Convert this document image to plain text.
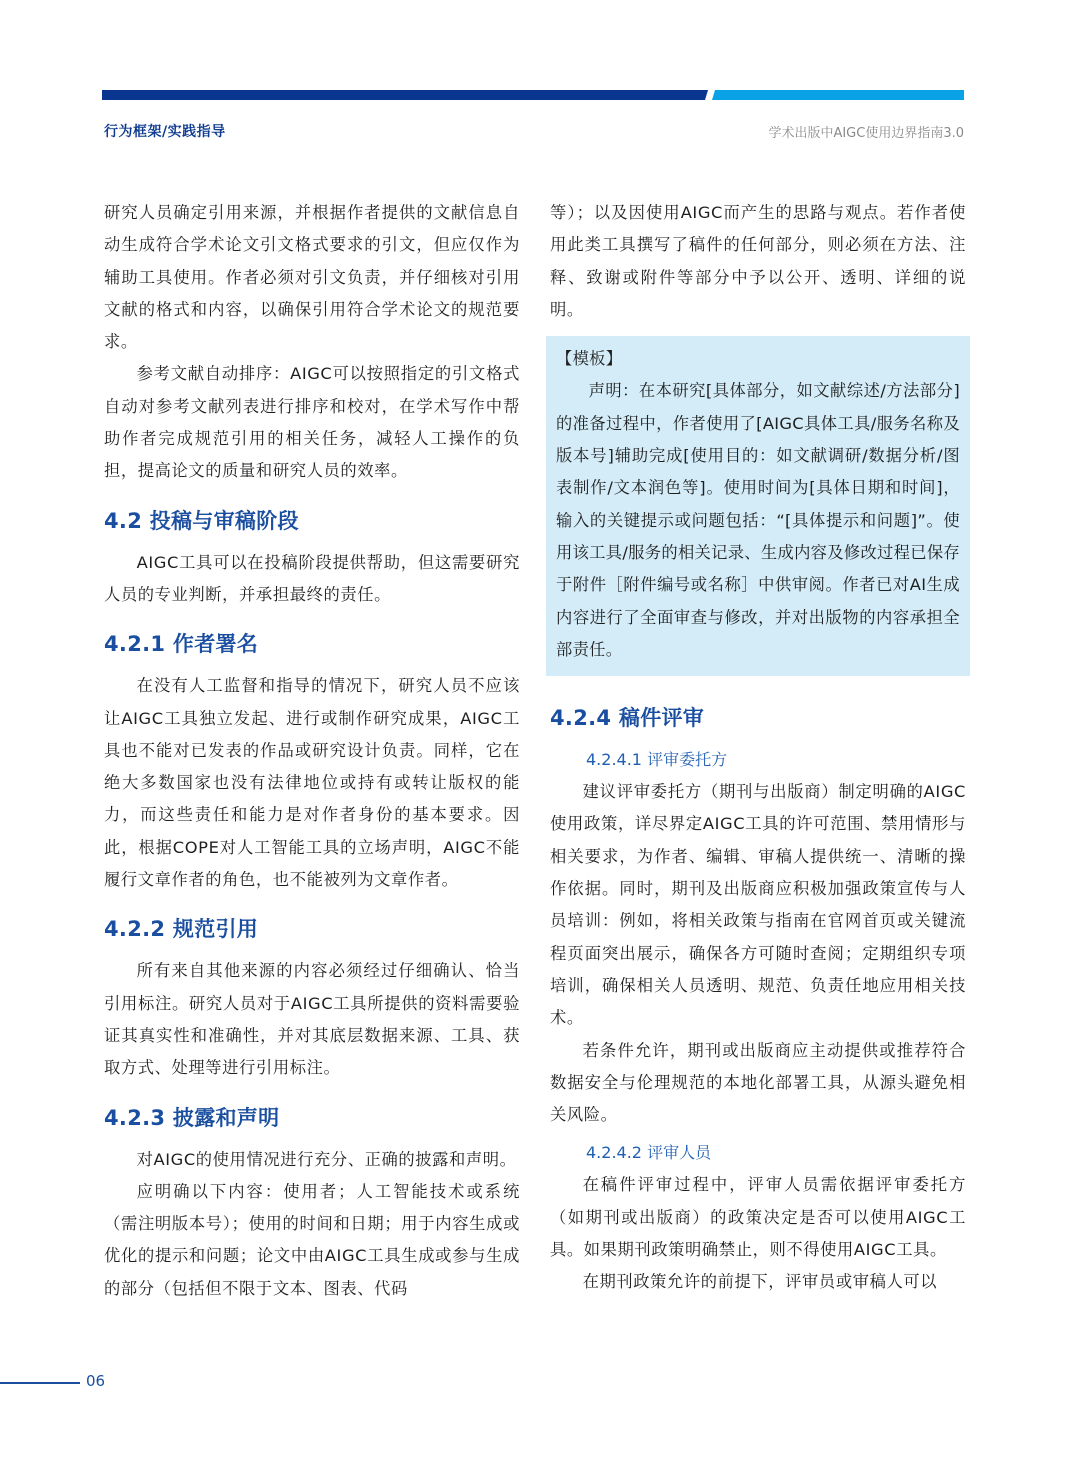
行为框架/实践指导	学术出版中AIGC使用边界指南3.0

研究人员确定引用来源，并根据作者提供的文献信息自动生成符合学术论文引文格式要求的引文，但应仅作为辅助工具使用。作者必须对引文负责，并仔细核对引用文献的格式和内容，以确保引用符合学术论文的规范要求。

参考文献自动排序：AIGC可以按照指定的引文格式自动对参考文献列表进行排序和校对，在学术写作中帮助作者完成规范引用的相关任务，减轻人工操作的负担，提高论文的质量和研究人员的效率。

4.2 投稿与审稿阶段

AIGC工具可以在投稿阶段提供帮助，但这需要研究人员的专业判断，并承担最终的责任。

4.2.1 作者署名

在没有人工监督和指导的情况下，研究人员不应该让AIGC工具独立发起、进行或制作研究成果，AIGC工具也不能对已发表的作品或研究设计负责。同样，它在绝大多数国家也没有法律地位或持有或转让版权的能力，而这些责任和能力是对作者身份的基本要求。因此，根据COPE对人工智能工具的立场声明，AIGC不能履行文章作者的角色，也不能被列为文章作者。

4.2.2 规范引用

所有来自其他来源的内容必须经过仔细确认、恰当引用标注。研究人员对于AIGC工具所提供的资料需要验证其真实性和准确性，并对其底层数据来源、工具、获取方式、处理等进行引用标注。

4.2.3 披露和声明

对AIGC的使用情况进行充分、正确的披露和声明。

应明确以下内容：使用者；人工智能技术或系统（需注明版本号）；使用的时间和日期；用于内容生成或优化的提示和问题；论文中由AIGC工具生成或参与生成的部分（包括但不限于文本、图表、代码

等）；以及因使用AIGC而产生的思路与观点。若作者使用此类工具撰写了稿件的任何部分，则必须在方法、注释、致谢或附件等部分中予以公开、透明、详细的说明。

【模板】

声明：在本研究[具体部分，如文献综述/方法部分]的准备过程中，作者使用了[AIGC具体工具/服务名称及版本号]辅助完成[使用目的：如文献调研/数据分析/图表制作/文本润色等]。使用时间为[具体日期和时间]，输入的关键提示或问题包括：“[具体提示和问题]”。使用该工具/服务的相关记录、生成内容及修改过程已保存于附件［附件编号或名称］中供审阅。作者已对AI生成内容进行了全面审查与修改，并对出版物的内容承担全部责任。

4.2.4 稿件评审
4.2.4.1 评审委托方

建议评审委托方（期刊与出版商）制定明确的AIGC使用政策，详尽界定AIGC工具的许可范围、禁用情形与相关要求，为作者、编辑、审稿人提供统一、清晰的操作依据。同时，期刊及出版商应积极加强政策宣传与人员培训：例如，将相关政策与指南在官网首页或关键流程页面突出展示，确保各方可随时查阅；定期组织专项培训，确保相关人员透明、规范、负责任地应用相关技术。

若条件允许，期刊或出版商应主动提供或推荐符合数据安全与伦理规范的本地化部署工具，从源头避免相关风险。

4.2.4.2 评审人员

在稿件评审过程中，评审人员需依据评审委托方（如期刊或出版商）的政策决定是否可以使用AIGC工具。如果期刊政策明确禁止，则不得使用AIGC工具。

在期刊政策允许的前提下，评审员或审稿人可以

06
